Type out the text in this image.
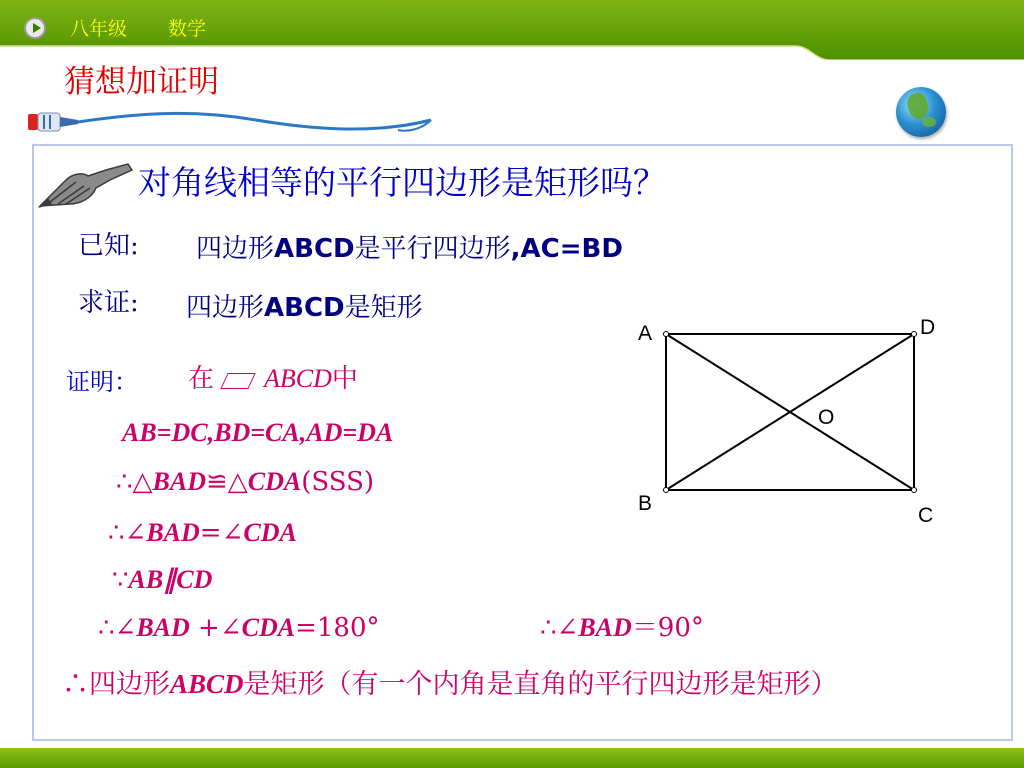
八年级 数学
猜想加证明
对角线相等的平行四边形是矩形吗？
已知: 四边形ABCD是平行四边形,AC=BD
求证: 四边形ABCD是矩形
证明： 在 ABCD中
AB=DC,BD=CA,AD=DA
∴△BAD≌△CDA(SSS)
∴∠BAD=∠CDA
∵AB∥CD
∴∠BAD +∠CDA=180°	∴∠BAD＝90°
∴四边形ABCD是矩形（有一个内角是直角的平行四边形是矩形）
A	D
B
C
O
